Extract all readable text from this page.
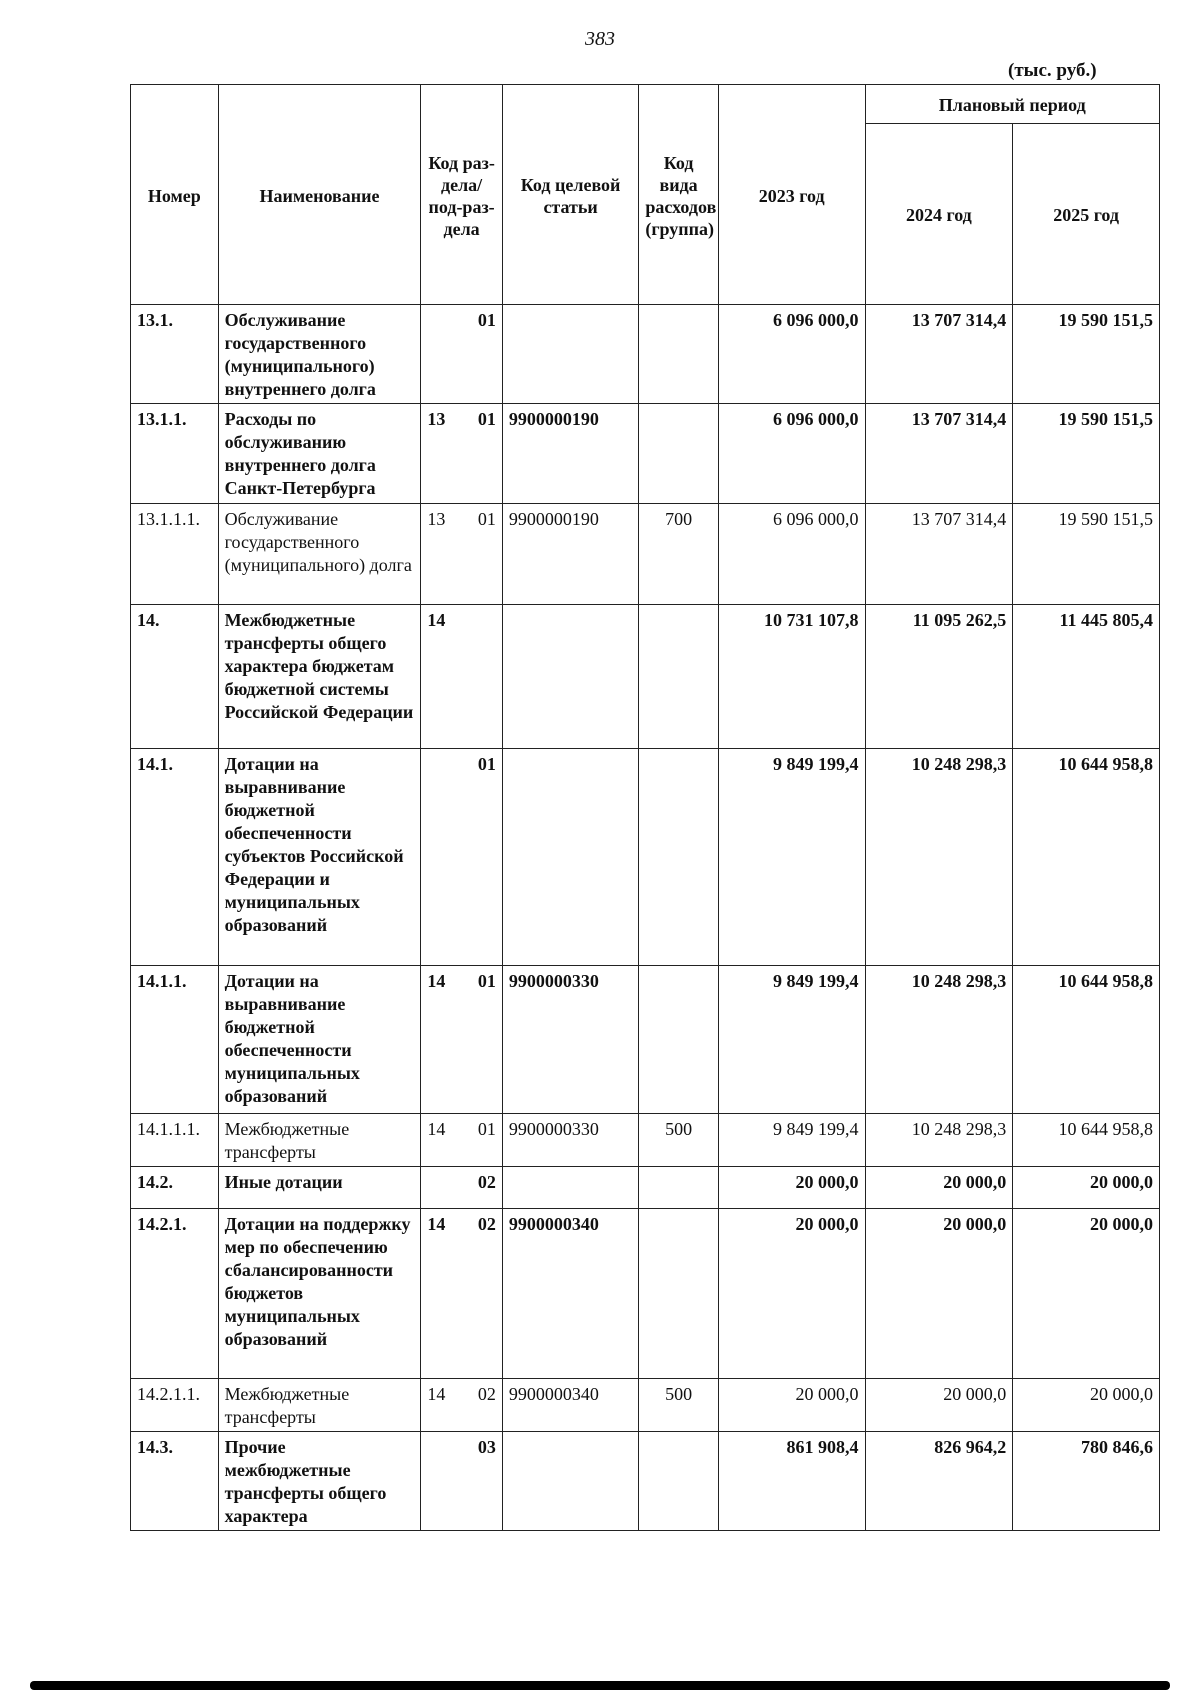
383
(тыс. руб.)
Номер	Наименование	Код раз-дела/ под-раз-дела	Код целевой статьи	Код вида расходов (группа)	2023 год	Плановый период	
						2024 год	2025 год
13.1.	Обслуживание государственного (муниципального) внутреннего долга	01			6 096 000,0	13 707 314,4	19 590 151,5
13.1.1.	Расходы по обслуживанию внутреннего долга Санкт-Петербурга	13 01	9900000190		6 096 000,0	13 707 314,4	19 590 151,5
13.1.1.1.	Обслуживание государственного (муниципального) долга	13 01	9900000190	700	6 096 000,0	13 707 314,4	19 590 151,5
14.	Межбюджетные трансферты общего характера бюджетам бюджетной системы Российской Федерации	14			10 731 107,8	11 095 262,5	11 445 805,4
14.1.	Дотации на выравнивание бюджетной обеспеченности субъектов Российской Федерации и муниципальных образований	01			9 849 199,4	10 248 298,3	10 644 958,8
14.1.1.	Дотации на выравнивание бюджетной обеспеченности муниципальных образований	14 01	9900000330		9 849 199,4	10 248 298,3	10 644 958,8
14.1.1.1.	Межбюджетные трансферты	14 01	9900000330	500	9 849 199,4	10 248 298,3	10 644 958,8
14.2.	Иные дотации	02			20 000,0	20 000,0	20 000,0
14.2.1.	Дотации на поддержку мер по обеспечению сбалансированности бюджетов муниципальных образований	14 02	9900000340		20 000,0	20 000,0	20 000,0
14.2.1.1.	Межбюджетные трансферты	14 02	9900000340	500	20 000,0	20 000,0	20 000,0
14.3.	Прочие межбюджетные трансферты общего характера	03			861 908,4	826 964,2	780 846,6
